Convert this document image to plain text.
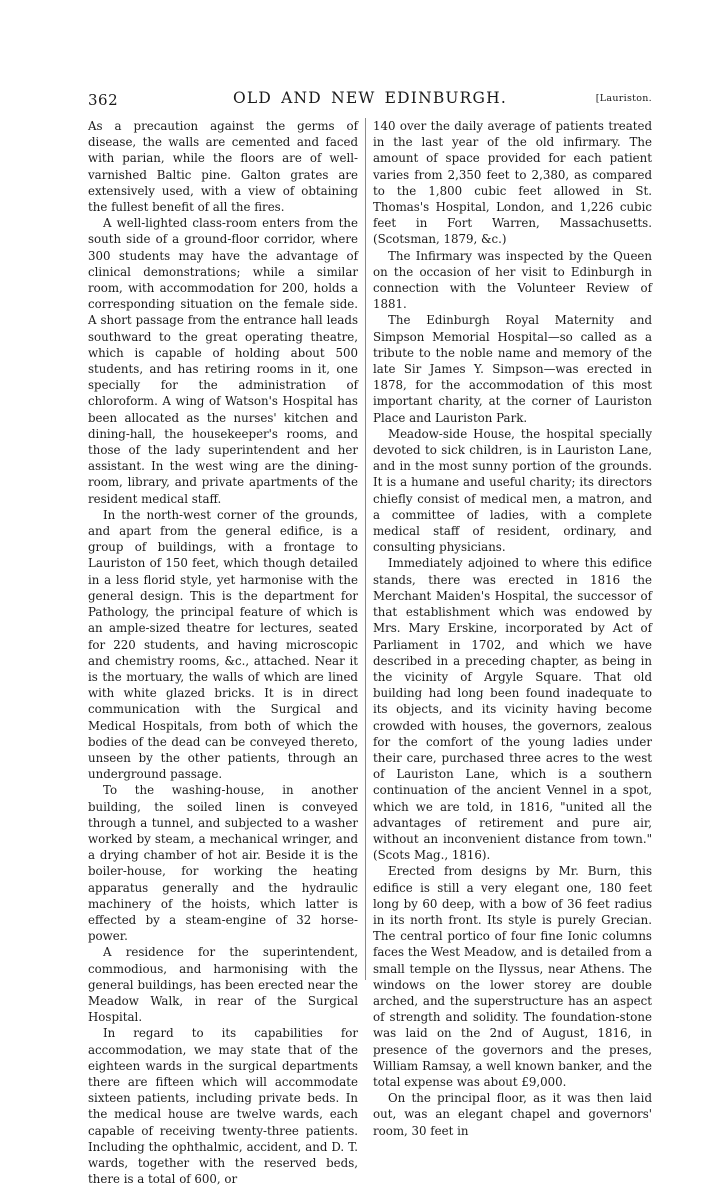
362	OLD AND NEW EDINBURGH.	[Lauriston.

As a precaution against the germs of disease, the walls are cemented and faced with parian, while the floors are of well-varnished Baltic pine. Galton grates are extensively used, with a view of obtaining the fullest benefit of all the fires.

A well-lighted class-room enters from the south side of a ground-floor corridor, where 300 students may have the advantage of clinical demonstrations; while a similar room, with accommodation for 200, holds a corresponding situation on the female side. A short passage from the entrance hall leads southward to the great operating theatre, which is capable of holding about 500 students, and has retiring rooms in it, one specially for the administration of chloroform. A wing of Watson's Hospital has been allocated as the nurses' kitchen and dining-hall, the housekeeper's rooms, and those of the lady superintendent and her assistant. In the west wing are the dining-room, library, and private apartments of the resident medical staff.

In the north-west corner of the grounds, and apart from the general edifice, is a group of buildings, with a frontage to Lauriston of 150 feet, which though detailed in a less florid style, yet harmonise with the general design. This is the department for Pathology, the principal feature of which is an ample-sized theatre for lectures, seated for 220 students, and having microscopic and chemistry rooms, &c., attached. Near it is the mortuary, the walls of which are lined with white glazed bricks. It is in direct communication with the Surgical and Medical Hospitals, from both of which the bodies of the dead can be conveyed thereto, unseen by the other patients, through an underground passage.

To the washing-house, in another building, the soiled linen is conveyed through a tunnel, and subjected to a washer worked by steam, a mechanical wringer, and a drying chamber of hot air. Beside it is the boiler-house, for working the heating apparatus generally and the hydraulic machinery of the hoists, which latter is effected by a steam-engine of 32 horse-power.

A residence for the superintendent, commodious, and harmonising with the general buildings, has been erected near the Meadow Walk, in rear of the Surgical Hospital.

In regard to its capabilities for accommodation, we may state that of the eighteen wards in the surgical departments there are fifteen which will accommodate sixteen patients, including private beds. In the medical house are twelve wards, each capable of receiving twenty-three patients. Including the ophthalmic, accident, and D. T. wards, together with the reserved beds, there is a total of 600, or

140 over the daily average of patients treated in the last year of the old infirmary. The amount of space provided for each patient varies from 2,350 feet to 2,380, as compared to the 1,800 cubic feet allowed in St. Thomas's Hospital, London, and 1,226 cubic feet in Fort Warren, Massachusetts. (Scotsman, 1879, &c.)

The Infirmary was inspected by the Queen on the occasion of her visit to Edinburgh in connection with the Volunteer Review of 1881.

The Edinburgh Royal Maternity and Simpson Memorial Hospital—so called as a tribute to the noble name and memory of the late Sir James Y. Simpson—was erected in 1878, for the accommodation of this most important charity, at the corner of Lauriston Place and Lauriston Park.

Meadow-side House, the hospital specially devoted to sick children, is in Lauriston Lane, and in the most sunny portion of the grounds. It is a humane and useful charity; its directors chiefly consist of medical men, a matron, and a committee of ladies, with a complete medical staff of resident, ordinary, and consulting physicians.

Immediately adjoined to where this edifice stands, there was erected in 1816 the Merchant Maiden's Hospital, the successor of that establishment which was endowed by Mrs. Mary Erskine, incorporated by Act of Parliament in 1702, and which we have described in a preceding chapter, as being in the vicinity of Argyle Square. That old building had long been found inadequate to its objects, and its vicinity having become crowded with houses, the governors, zealous for the comfort of the young ladies under their care, purchased three acres to the west of Lauriston Lane, which is a southern continuation of the ancient Vennel in a spot, which we are told, in 1816, "united all the advantages of retirement and pure air, without an inconvenient distance from town." (Scots Mag., 1816).

Erected from designs by Mr. Burn, this edifice is still a very elegant one, 180 feet long by 60 deep, with a bow of 36 feet radius in its north front. Its style is purely Grecian. The central portico of four fine Ionic columns faces the West Meadow, and is detailed from a small temple on the Ilyssus, near Athens. The windows on the lower storey are double arched, and the superstructure has an aspect of strength and solidity. The foundation-stone was laid on the 2nd of August, 1816, in presence of the governors and the preses, William Ramsay, a well known banker, and the total expense was about £9,000.

On the principal floor, as it was then laid out, was an elegant chapel and governors' room, 30 feet in
